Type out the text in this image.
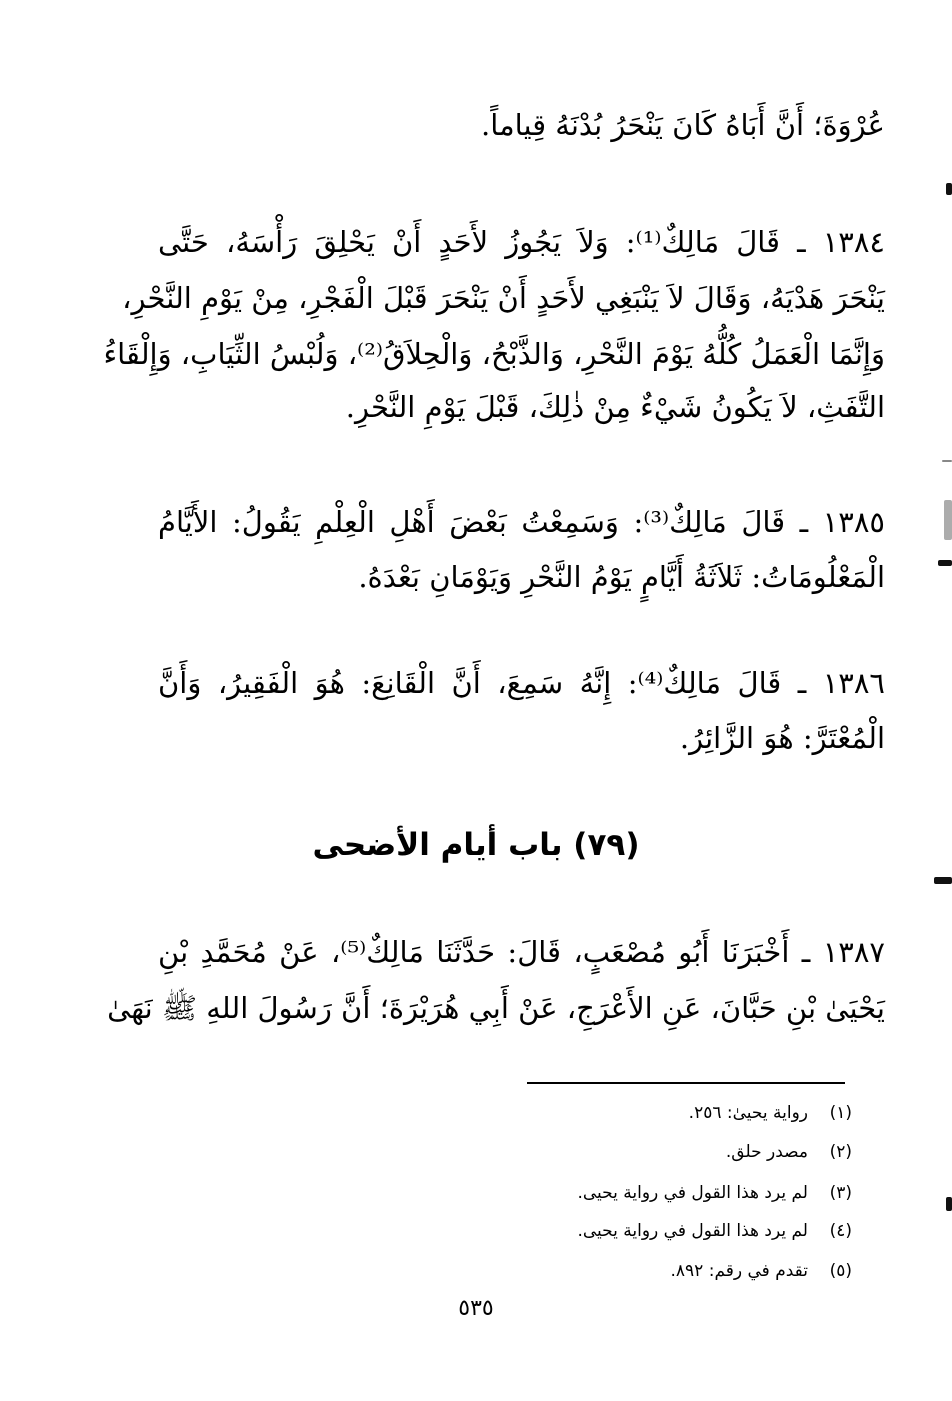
عُرْوَةَ؛ أَنَّ أَبَاهُ كَانَ يَنْحَرُ بُدْنَهُ قِياماً.
١٣٨٤ ـ قَالَ مَالِكٌ⁽¹⁾: وَلاَ يَجُوزُ لأَحَدٍ أَنْ يَحْلِقَ رَأْسَهُ، حَتَّى
يَنْحَرَ هَدْيَهُ، وَقَالَ لاَ يَنْبَغِي لأَحَدٍ أَنْ يَنْحَرَ قَبْلَ الْفَجْرِ، مِنْ يَوْمِ النَّحْرِ،
وَإِنَّمَا الْعَمَلُ كُلُّهُ يَوْمَ النَّحْرِ، وَالذَّبْحُ، وَالْحِلاَقُ⁽²⁾، وَلُبْسُ الثِّيَابِ، وَإِلْقَاءُ
التَّفَثِ، لاَ يَكُونُ شَيْءٌ مِنْ ذٰلِكَ، قَبْلَ يَوْمِ النَّحْرِ.
١٣٨٥ ـ قَالَ مَالِكٌ⁽³⁾: وَسَمِعْتُ بَعْضَ أَهْلِ الْعِلْمِ يَقُولُ: الأَيَّامُ
الْمَعْلُومَاتُ: ثَلاَثَةُ أَيَّامٍ يَوْمُ النَّحْرِ وَيَوْمَانِ بَعْدَهُ.
١٣٨٦ ـ قَالَ مَالِكٌ⁽⁴⁾: إِنَّهُ سَمِعَ، أَنَّ الْقَانِعَ: هُوَ الْفَقِيرُ، وَأَنَّ
الْمُعْتَرَّ: هُوَ الزَّائِرُ.
(٧٩) باب أيام الأضحى
١٣٨٧ ـ أَخْبَرَنَا أَبُو مُصْعَبٍ، قَالَ: حَدَّثَنَا مَالِكٌ⁽⁵⁾، عَنْ مُحَمَّدِ بْنِ
يَحْيَىٰ بْنِ حَبَّانَ، عَنِ الأَعْرَجِ، عَنْ أَبِي هُرَيْرَةَ؛ أَنَّ رَسُولَ اللهِ ﷺ نَهَىٰ
(١)رواية يحيىٰ: ٢٥٦.
(٢)مصدر حلق.
(٣)لم يرد هذا القول في رواية يحيى.
(٤)لم يرد هذا القول في رواية يحيى.
(٥)تقدم في رقم: ٨٩٢.
٥٣٥
